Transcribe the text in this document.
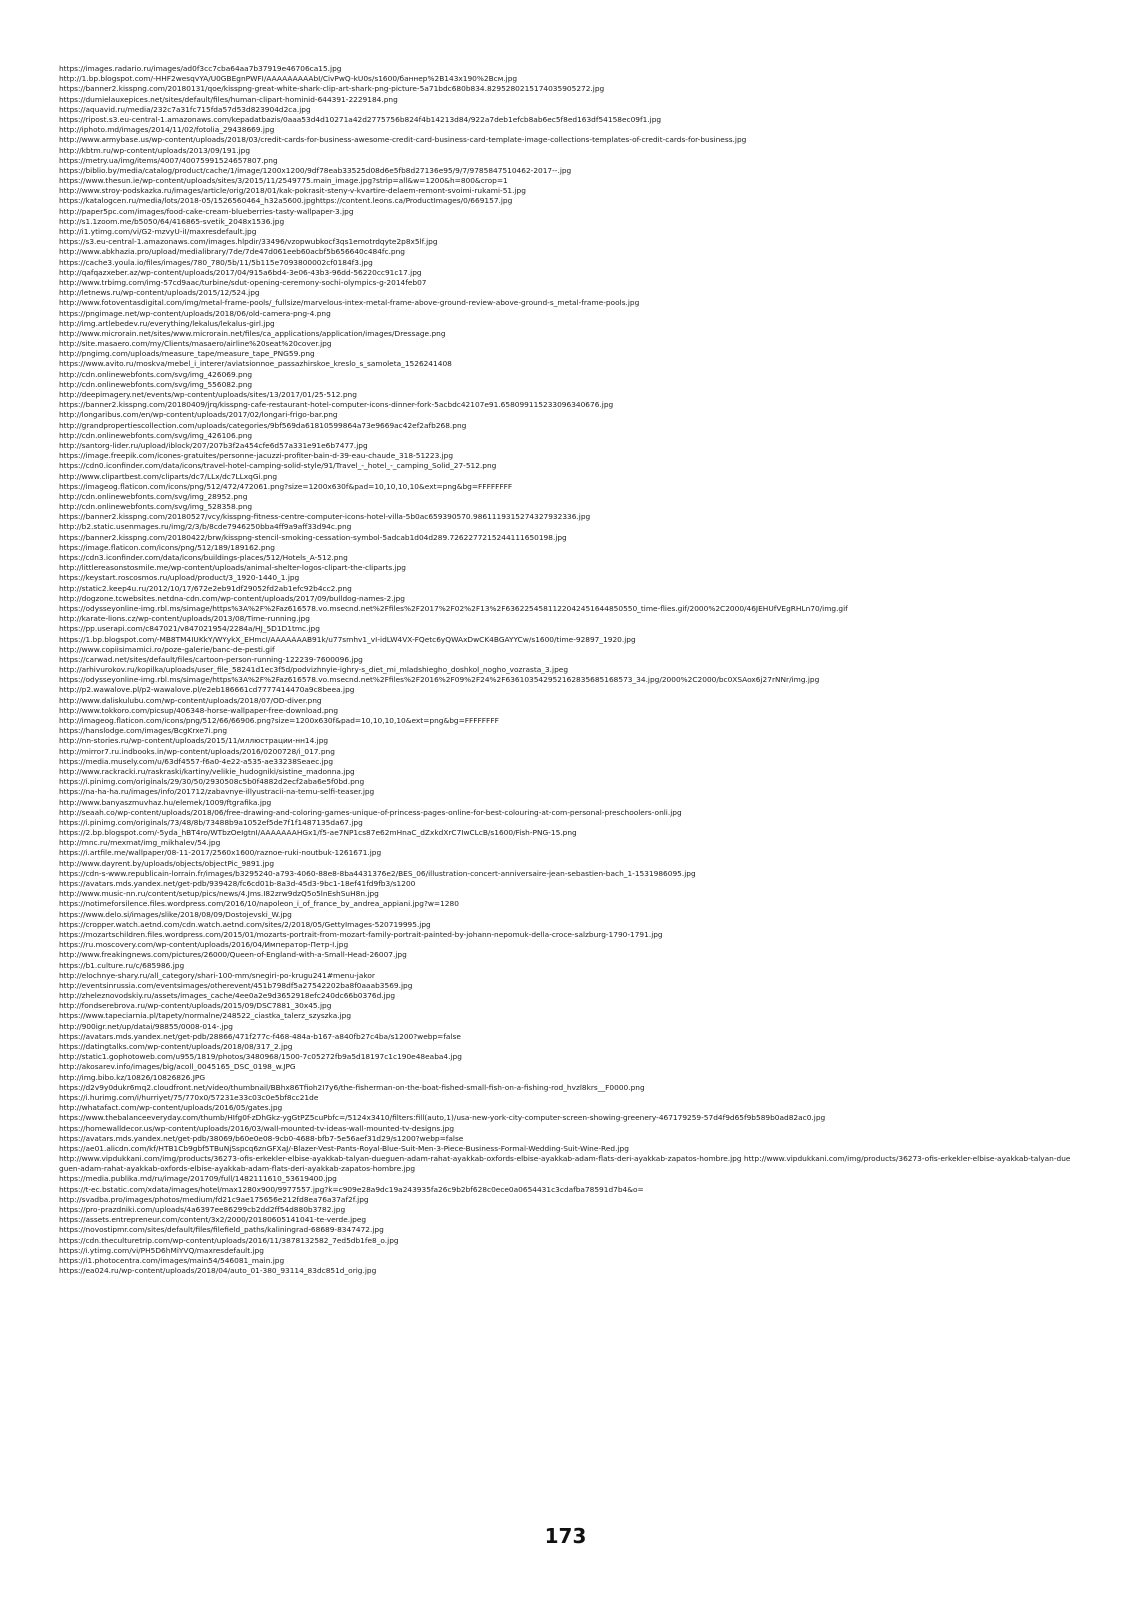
https://images.radario.ru/images/ad0f3cc7cba64aa7b37919e46706ca15.jpg
http://1.bp.blogspot.com/-HHF2wesqvYA/U0GBEgnPWFI/AAAAAAAAAbI/CivPwQ-kU0s/s1600/баннер%2B143x190%2Bсм.jpg
https://banner2.kisspng.com/20180131/qoe/kisspng-great-white-shark-clip-art-shark-png-picture-5a71bdc680b834.8295280215174035905272.jpg
https://dumielauxepices.net/sites/default/files/human-clipart-hominid-644391-2229184.png
https://aquavid.ru/media/232c7a31fc715fda57d53d823904d2ca.jpg
https://ripost.s3.eu-central-1.amazonaws.com/kepadatbazis/0aaa53d4d10271a42d2775756b824f4b14213d84/922a7deb1efcb8ab6ec5f8ed163df54158ec09f1.jpg
http://iphoto.md/images/2014/11/02/fotolia_29438669.jpg
http://www.armybase.us/wp-content/uploads/2018/03/credit-cards-for-business-awesome-credit-card-business-card-template-image-collections-templates-of-credit-cards-for-business.jpg
http://kbtm.ru/wp-content/uploads/2013/09/191.jpg
https://metry.ua/img/items/4007/40075991524657807.png
https://biblio.by/media/catalog/product/cache/1/image/1200x1200/9df78eab33525d08d6e5fb8d27136e95/9/7/9785847510462-2017--.jpg
https://www.thesun.ie/wp-content/uploads/sites/3/2015/11/2549775.main_image.jpg?strip=all&w=1200&h=800&crop=1
http://www.stroy-podskazka.ru/images/article/orig/2018/01/kak-pokrasit-steny-v-kvartire-delaem-remont-svoimi-rukami-51.jpg
https://katalogcen.ru/media/lots/2018-05/1526560464_h32a5600.jpghttps://content.leons.ca/ProductImages/0/669157.jpg
http://paper5pc.com/images/food-cake-cream-blueberries-tasty-wallpaper-3.jpg
http://s1.1zoom.me/b5050/64/416865-svetik_2048x1536.jpg
http://i1.ytimg.com/vi/G2-mzvyU-iI/maxresdefault.jpg
https://s3.eu-central-1.amazonaws.com/images.hlpdir/33496/vzopwubkocf3qs1emotrdqyte2p8x5lf.jpg
http://www.abkhazia.pro/upload/medialibrary/7de/7de47d061eeb60acbf5b656640c484fc.png
https://cache3.youla.io/files/images/780_780/5b/11/5b115e7093800002cf0184f3.jpg
http://qafqazxeber.az/wp-content/uploads/2017/04/915a6bd4-3e06-43b3-96dd-56220cc91c17.jpg
http://www.trbimg.com/img-57cd9aac/turbine/sdut-opening-ceremony-sochi-olympics-g-2014feb07
http://letnews.ru/wp-content/uploads/2015/12/524.jpg
http://www.fotoventasdigital.com/img/metal-frame-pools/_fullsize/marvelous-intex-metal-frame-above-ground-review-above-ground-s_metal-frame-pools.jpg
https://pngimage.net/wp-content/uploads/2018/06/old-camera-png-4.png
http://img.artlebedev.ru/everything/lekalus/lekalus-girl.jpg
http://www.microrain.net/sites/www.microrain.net/files/ca_applications/application/images/Dressage.png
http://site.masaero.com/my/Clients/masaero/airline%20seat%20cover.jpg
http://pngimg.com/uploads/measure_tape/measure_tape_PNG59.png
https://www.avito.ru/moskva/mebel_i_interer/aviatsionnoe_passazhirskoe_kreslo_s_samoleta_1526241408
http://cdn.onlinewebfonts.com/svg/img_426069.png
http://cdn.onlinewebfonts.com/svg/img_556082.png
http://deepimagery.net/events/wp-content/uploads/sites/13/2017/01/25-512.png
https://banner2.kisspng.com/20180409/jrq/kisspng-cafe-restaurant-hotel-computer-icons-dinner-fork-5acbdc42107e91.6580991152330963406​76.jpg
http://longaribus.com/en/wp-content/uploads/2017/02/longari-frigo-bar.png
http://grandpropertiescollection.com/uploads/categories/9bf569da61810599864a73e9669ac42ef2afb268.png
http://cdn.onlinewebfonts.com/svg/img_426106.png
http://santorg-lider.ru/upload/iblock/207/207b3f2a454cfe6d57a331e91e6b7477.jpg
https://image.freepik.com/icones-gratuites/personne-jacuzzi-profiter-bain-d-39-eau-chaude_318-51223.jpg
https://cdn0.iconfinder.com/data/icons/travel-hotel-camping-solid-style/91/Travel_-_hotel_-_camping_Solid_27-512.png
http://www.clipartbest.com/cliparts/dc7/LLx/dc7LLxqGi.png
https://imageog.flaticon.com/icons/png/512/472/472061.png?size=1200x630f&pad=10,10,10,10&ext=png&bg=FFFFFFFF
http://cdn.onlinewebfonts.com/svg/img_28952.png
http://cdn.onlinewebfonts.com/svg/img_528358.png
https://banner2.kisspng.com/20180527/vcy/kisspng-fitness-centre-computer-icons-hotel-villa-5b0ac659390570.9861119315274327932336.jpg
http://b2.static.usenmages.ru/img/2/3/b/8cde7946250bba4ff9a9aff33d94c.png
https://banner2.kisspng.com/20180422/brw/kisspng-stencil-smoking-cessation-symbol-5adcab1d04d289.7262277215244111650198.jpg
https://image.flaticon.com/icons/png/512/189/189162.png
https://cdn3.iconfinder.com/data/icons/buildings-places/512/Hotels_A-512.png
http://littlereasonstosmile.me/wp-content/uploads/animal-shelter-logos-clipart-the-cliparts.jpg
https://keystart.roscosmos.ru/upload/product/3_1920-1440_1.jpg
http://static2.keep4u.ru/2012/10/17/672e2eb91df29052fd2ab1efc92b4cc2.png
http://dogzone.tcwebsites.netdna-cdn.com/wp-content/uploads/2017/09/bulldog-names-2.jpg
https://odysseyonline-img.rbl.ms/simage/https%3A%2F%2Faz616578.vo.msecnd.net%2Ffiles%2F2017%2F02%2F13%2F6362254581122042451644850550_time-flies.gif/2000%2C2000/46JEHUfVEgRHLn70/img.gif
http://karate-lions.cz/wp-content/uploads/2013/08/Time-running.jpg
https://pp.userapi.com/c847021/v847021954/2284a/HJ_5D1D1tmc.jpg
https://1.bp.blogspot.com/-MB8TM4IUKkY/WYykX_EHmcI/AAAAAAAB91k/u77smhv1_vI-idLW4VX-FQetc6yQWAxDwCK4BGAYYCw/s1600/time-92897_1920.jpg
http://www.copiisimamici.ro/poze-galerie/banc-de-pesti.gif
https://carwad.net/sites/default/files/cartoon-person-running-122239-7600096.jpg
http://arhivurokov.ru/kopilka/uploads/user_file_58241d1ec3f5d/podvizhnyie-ighry-s_diet_mi_mladshiegho_doshkol_nogho_vozrasta_3.jpeg
https://odysseyonline-img.rbl.ms/simage/https%3A%2F%2Faz616578.vo.msecnd.net%2Ffiles%2F2016%2F09%2F24%2F636103542952162835685168573_34.jpg/2000%2C2000/bc0XSAox6j27rNNr/img.jpg
http://p2.wawalove.pl/p2-wawalove.pl/e2eb186661cd7777414470a9c8beea.jpg
http://www.daliskulubu.com/wp-content/uploads/2018/07/OD-diver.png
http://www.tokkoro.com/picsup/406348-horse-wallpaper-free-download.png
http://imageog.flaticon.com/icons/png/512/66/66906.png?size=1200x630f&pad=10,10,10,10&ext=png&bg=FFFFFFFF
https://hanslodge.com/images/BcgKrxe7i.png
http://nn-stories.ru/wp-content/uploads/2015/11/иллюстрации-нн14.jpg
http://mirror7.ru.indbooks.in/wp-content/uploads/2016/0200728/i_017.png
https://media.musely.com/u/63df4557-f6a0-4e22-a535-ae33238Seaec.jpg
http://www.rackracki.ru/raskraski/kartiny/velikie_hudogniki/sistine_madonna.jpg
https://i.pinimg.com/originals/29/30/50/2930508c5b0f4882d2ecf2aba6e5f0bd.png
https://na-ha-ha.ru/images/info/201712/zabavnye-illyustracii-na-temu-selfi-teaser.jpg
http://www.banyaszmuvhaz.hu/elemek/1009/ftgrafika.jpg
http://seaah.co/wp-content/uploads/2018/06/free-drawing-and-coloring-games-unique-of-princess-pages-online-for-best-colouring-at-com-personal-preschoolers-onli.jpg
https://i.pinimg.com/originals/73/48/8b/73488b9a1052ef5de7f1f1487135da67.jpg
https://2.bp.blogspot.com/-5yda_hBT4ro/WTbzOeIgtnI/AAAAAAAHGx1/f5-ae7NP1cs87e62mHnaC_dZxkdXrC7IwCLcB/s1600/Fish-PNG-15.png
http://mnc.ru/mexmat/img_mikhalev/54.jpg
https://i.artfile.me/wallpaper/08-11-2017/2560x1600/raznoe-ruki-noutbuk-1261671.jpg
http://www.dayrent.by/uploads/objects/objectPic_9891.jpg
https://cdn-s-www.republicain-lorrain.fr/images/b3295240-a793-4060-88e8-8ba4431376e2/BES_06/illustration-concert-anniversaire-jean-sebastien-bach_1-1531986095.jpg
https://avatars.mds.yandex.net/get-pdb/939428/fc6cd01b-8a3d-45d3-9bc1-18ef41fd9fb3/s1200
http://www.music-nn.ru/content/setup/pics/news/4.Jms.I82zrw9dzQ5o5lnEshSuH8n.jpg
https://notimeforsilence.files.wordpress.com/2016/10/napoleon_i_of_france_by_andrea_appiani.jpg?w=1280
https://www.delo.si/images/slike/2018/08/09/Dostojevski_W.jpg
https://cropper.watch.aetnd.com/cdn.watch.aetnd.com/sites/2/2018/05/GettyImages-520719995.jpg
https://mozartschildren.files.wordpress.com/2015/01/mozarts-portrait-from-mozart-family-portrait-painted-by-johann-nepomuk-della-croce-salzburg-1790-1791.jpg
https://ru.moscovery.com/wp-content/uploads/2016/04/Император-Петр-I.jpg
http://www.freakingnews.com/pictures/26000/Queen-of-England-with-a-Small-Head-26007.jpg
https://b1.culture.ru/c/685986.jpg
http://elochnye-shary.ru/all_category/shari-100-mm/snegiri-po-krugu241#menu-jakor
http://eventsinrussia.com/eventsimages/otherevent/451b798df5a27542202ba8f0aaab3569.jpg
http://zheleznovodskiy.ru/assets/images_cache/4ee0a2e9d3652918efc240dc66b0376d.jpg
http://fondserebrova.ru/wp-content/uploads/2015/09/DSC7881_30x45.jpg
https://www.tapeciarnia.pl/tapety/normalne/248522_ciastka_talerz_szyszka.jpg
http://900igr.net/up/datai/98855/0008-014-.jpg
https://avatars.mds.yandex.net/get-pdb/28866/471f277c-f468-484a-b167-a840fb27c4ba/s1200?webp=false
https://datingtalks.com/wp-content/uploads/2018/08/317_2.jpg
http://static1.gophotoweb.com/u955/1819/photos/3480968/1500-7c05272fb9a5d18197c1c190e48eaba4.jpg
http://akosarev.info/images/big/acoll_0045165_DSC_0198_w.JPG
http://img.bibo.kz/10826/10826826.JPG
https://d2v9y0dukr6mq2.cloudfront.net/video/thumbnail/BBhx86Tfioh2I7y6/the-fisherman-on-the-boat-fished-small-fish-on-a-fishing-rod_hvzl8krs__F0000.png
https://i.hurimg.com/i/hurriyet/75/770x0/57231e33c03c0e5bf8cc21de
http://whatafact.com/wp-content/uploads/2016/05/gates.jpg
https://www.thebalanceeveryday.com/thumb/HIfg0f-zDhGkz-ygGtPZ5cuPbfc=/5124x3410/filters:fill(auto,1)/usa-new-york-city-computer-screen-showing-greenery-467179259-57d4f9d65f9b589b0ad82ac0.jpg
https://homewalldecor.us/wp-content/uploads/2016/03/wall-mounted-tv-ideas-wall-mounted-tv-designs.jpg
https://avatars.mds.yandex.net/get-pdb/38069/b60e0e08-9cb0-4688-bfb7-5e56aef31d29/s1200?webp=false
https://ae01.alicdn.com/kf/HTB1Cb9gbf5TBuNjSspcq6znGFXaJ/-Blazer-Vest-Pants-Royal-Blue-Suit-Men-3-Piece-Business-Formal-Wedding-Suit-Wine-Red.jpg
http://www.vipdukkani.com/img/products/36273-ofis-erkekler-elbise-ayakkab-talyan-dueguen-adam-rahat-ayakkab-oxfords-elbise-ayakkab-adam-flats-deri-ayakkab-zapatos-hombre.jpg http://www.vipdukkani.com/img/products/36273-ofis-erkekler-elbise-ayakkab-talyan-dueguen-adam-rahat-ayakkab-oxfords-elbise-ayakkab-adam-flats-deri-ayakkab-zapatos-hombre.jpg
https://media.publika.md/ru/image/201709/full/1482111610_53619400.jpg
https://t-ec.bstatic.com/xdata/images/hotel/max1280x900/9977557.jpg?k=c909e28a9dc19a243935fa26c9b2bf628c0ece0a0654431c3cdafba78591d7b4&o=
http://svadba.pro/images/photos/medium/fd21c9ae175656e212fd8ea76a37af2f.jpg
https://pro-prazdniki.com/uploads/4a6397ee86299cb2dd2ff54d880b3782.jpg
https://assets.entrepreneur.com/content/3x2/2000/20180605141041-te-verde.jpeg
https://novostipmr.com/sites/default/files/filefield_paths/kaliningrad-68689-8347472.jpg
https://cdn.theculturetrip.com/wp-content/uploads/2016/11/3878132582_7ed5db1fe8_o.jpg
https://i.ytimg.com/vi/PH5D6hMiYVQ/maxresdefault.jpg
https://i1.photocentra.com/images/main54/546081_main.jpg
https://ea024.ru/wp-content/uploads/2018/04/auto_01-380_93114_83dc851d_orig.jpg
173
